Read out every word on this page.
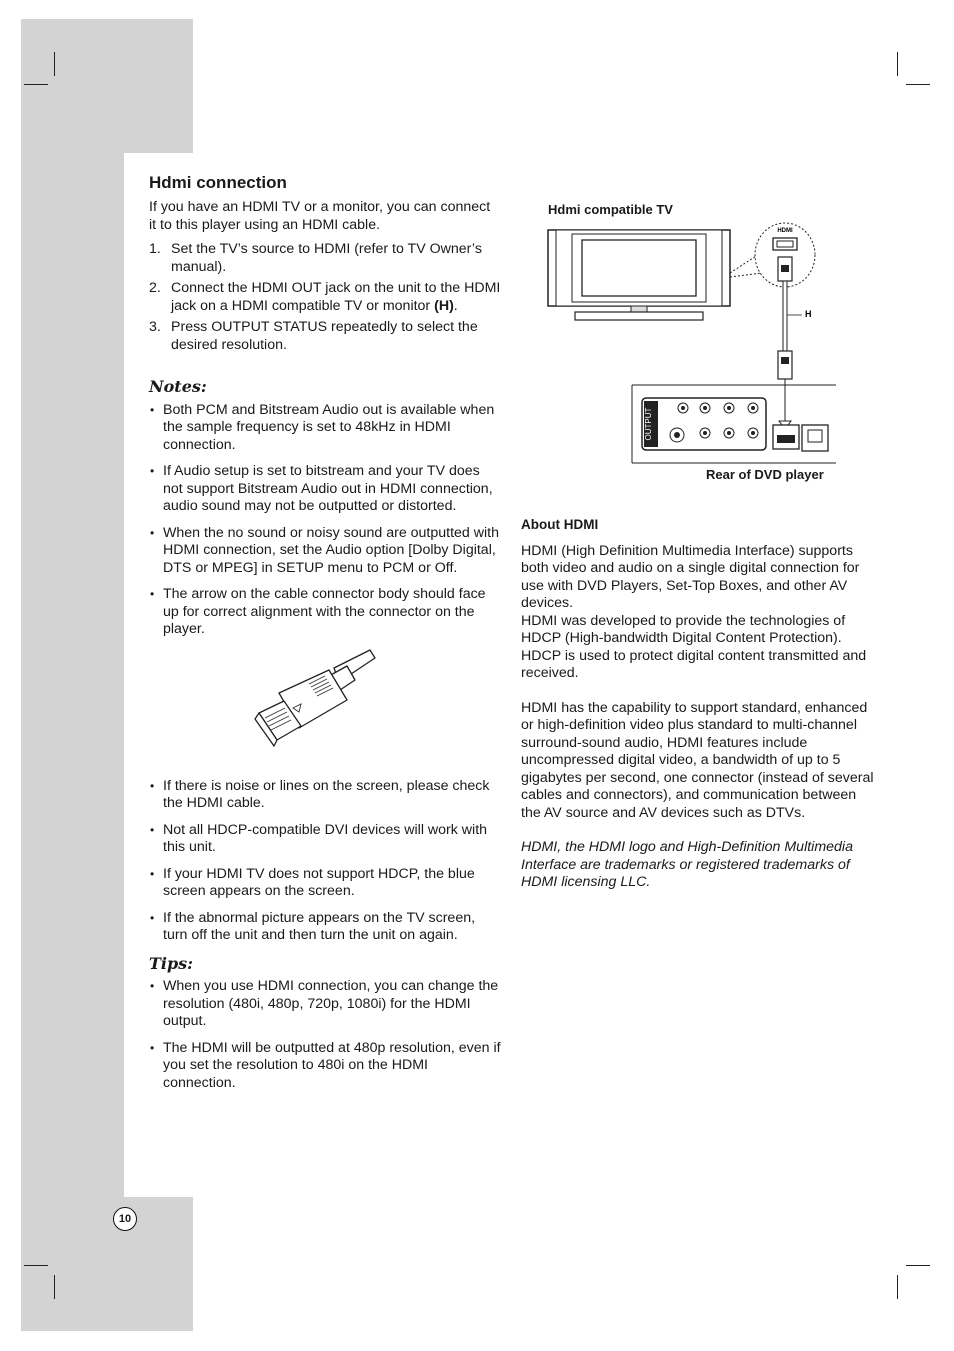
Hdmi connection

If you have an HDMI TV or a monitor, you can connect it to this player using an HDMI cable.

1. Set the TV’s source to HDMI (refer to TV Owner’s manual).
2. Connect the HDMI OUT jack on the unit to the HDMI jack on a HDMI compatible TV or monitor (H).
3. Press OUTPUT STATUS repeatedly to select the desired resolution.
Notes:
• Both PCM and Bitstream Audio out is available when the sample frequency is set to 48kHz in HDMI connection.
• If Audio setup is set to bitstream and your TV does not support Bitstream Audio out in HDMI connection, audio sound may not be outputted or distorted.
• When the no sound or noisy sound are outputted with HDMI connection, set the Audio option [Dolby Digital, DTS or MPEG] in SETUP menu to PCM or Off.
• The arrow on the cable connector body should face up for correct alignment with the connector on the player.
• If there is noise or lines on the screen, please check the HDMI cable.
• Not all HDCP-compatible DVI devices will work with this unit.
• If your HDMI TV does not support HDCP, the blue screen appears on the screen.
• If the abnormal picture appears on the TV screen, turn off the unit and then turn the unit on again.
Tips:
• When you use HDMI connection, you can change the resolution (480i, 480p, 720p, 1080i) for the HDMI output.
• The HDMI will be outputted at 480p resolution, even if you set the resolution to 480i on the HDMI connection.
Hdmi compatible TV
HDMI
H
OUTPUT
Rear of DVD player

About HDMI

HDMI (High Definition Multimedia Interface) supports both video and audio on a single digital connection for use with DVD Players, Set-Top Boxes, and other AV devices.

HDMI was developed to provide the technologies of HDCP (High-bandwidth Digital Content Protection). HDCP is used to protect digital content transmitted and received.

HDMI has the capability to support standard, enhanced or high-definition video plus standard to multi-channel surround-sound audio, HDMI features include uncompressed digital video, a bandwidth of up to 5 gigabytes per second, one connector (instead of several cables and connectors), and communication between the AV source and AV devices such as DTVs.

HDMI, the HDMI logo and High-Definition Multimedia Interface are trademarks or registered trademarks of HDMI licensing LLC.

10
